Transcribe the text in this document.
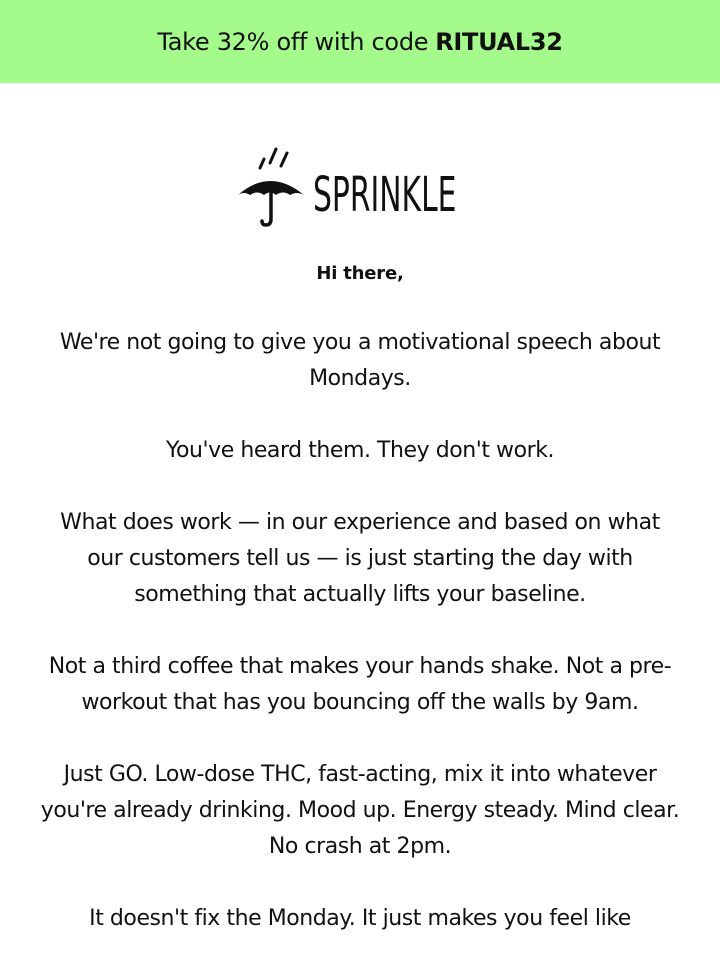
Take 32% off with code RITUAL32
SPRINKLE
Hi there,

We're not going to give you a motivational speech about Mondays.

You've heard them. They don't work.

What does work — in our experience and based on what our customers tell us — is just starting the day with something that actually lifts your baseline.

Not a third coffee that makes your hands shake. Not a pre-workout that has you bouncing off the walls by 9am.

Just GO. Low-dose THC, fast-acting, mix it into whatever you're already drinking. Mood up. Energy steady. Mind clear. No crash at 2pm.

It doesn't fix the Monday. It just makes you feel like
